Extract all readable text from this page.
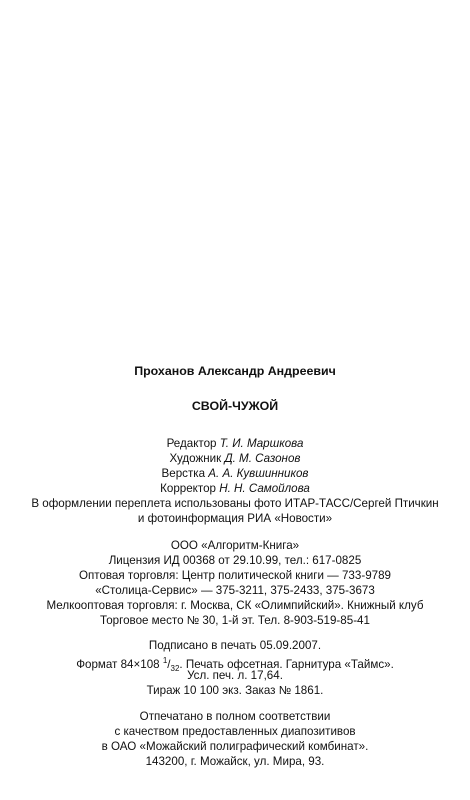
Проханов Александр Андреевич
СВОЙ-ЧУЖОЙ
Редактор Т. И. Маршкова
Художник Д. М. Сазонов
Верстка А. А. Кувшинников
Корректор Н. Н. Самойлова
В оформлении переплета использованы фото ИТАР-ТАСС/Сергей Птичкин
и фотоинформация РИА «Новости»
ООО «Алгоритм-Книга»
Лицензия ИД 00368 от 29.10.99, тел.: 617-0825
Оптовая торговля: Центр политической книги — 733-9789
«Столица-Сервис» — 375-3211, 375-2433, 375-3673
Мелкооптовая торговля: г. Москва, СК «Олимпийский». Книжный клуб
Торговое место № 30, 1-й эт. Тел. 8-903-519-85-41
Подписано в печать 05.09.2007.
Формат 84×108 $^1/_{32}$. Печать офсетная. Гарнитура «Таймс».
Усл. печ. л. 17,64.
Тираж 10 100 экз. Заказ № 1861.
Отпечатано в полном соответствии
с качеством предоставленных диапозитивов
в ОАО «Можайский полиграфический комбинат».
143200, г. Можайск, ул. Мира, 93.
